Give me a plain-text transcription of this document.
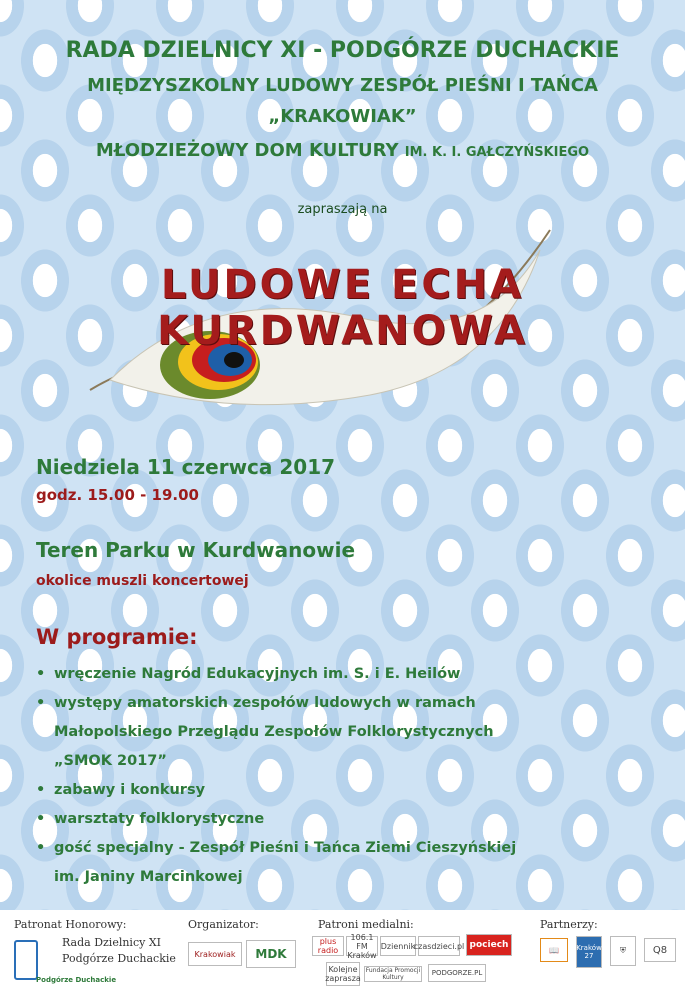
RADA DZIELNICY XI - PODGÓRZE DUCHACKIE
MIĘDZYSZKOLNY LUDOWY ZESPÓŁ PIEŚNI I TAŃCA
„KRAKOWIAK”
MŁODZIEŻOWY DOM KULTURY IM. K. I. GAŁCZYŃSKIEGO
zapraszają na
LUDOWE ECHA KURDWANOWA
Niedziela 11 czerwca 2017
godz. 15.00 - 19.00
Teren Parku w Kurdwanowie
okolice muszli koncertowej
W programie:
• wręczenie Nagród Edukacyjnych im. S. i E. Heilów
• występy amatorskich zespołów ludowych w ramach
Małopolskiego Przeglądu Zespołów Folklorystycznych
„SMOK 2017”
• zabawy i konkursy
• warsztaty folklorystyczne
• gość specjalny - Zespół Pieśni i Tańca Ziemi Cieszyńskiej
im. Janiny Marcinkowej
Patronat Honorowy:
Rada Dzielnicy XI
Podgórze Duchackie
Podgórze Duchackie
Organizator:
Krakowiak	MDK
Patroni medialni:
plus radio
106.1 FM Kraków
Dziennik
czasdzieci.pl pociech
Kolejne zaprasza
Fundacja Promocji Kultury
PODGORZE.PL
Partnerzy:
📖	Kraków 27
⛨	Q8
